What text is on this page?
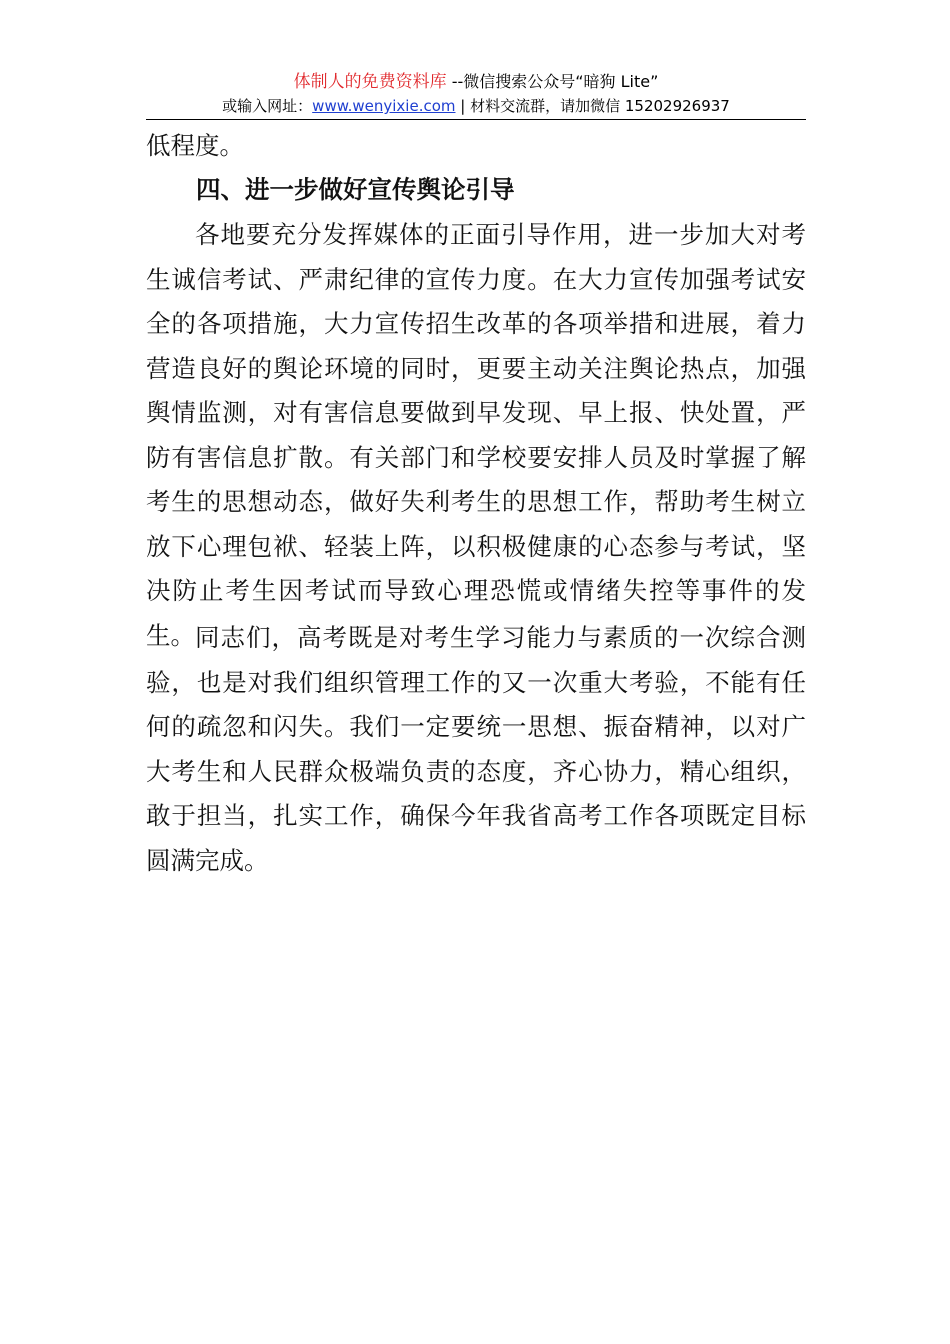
体制人的免费资料库 --微信搜索公众号“暗狗 Lite”
或输入网址：www.wenyixie.com | 材料交流群，请加微信 15202926937
低程度。
四、进一步做好宣传舆论引导

各地要充分发挥媒体的正面引导作用，进一步加大对考生诚信考试、严肃纪律的宣传力度。在大力宣传加强考试安全的各项措施，大力宣传招生改革的各项举措和进展，着力营造良好的舆论环境的同时，更要主动关注舆论热点，加强舆情监测，对有害信息要做到早发现、早上报、快处置，严防有害信息扩散。有关部门和学校要安排人员及时掌握了解考生的思想动态，做好失利考生的思想工作，帮助考生树立放下心理包袱、轻装上阵，以积极健康的心态参与考试，坚决防止考生因考试而导致心理恐慌或情绪失控等事件的发生。 同志们，高考既是对考生学习能力与素质的一次综合测验，也是对我们组织管理工作的又一次重大考验，不能有任何的疏忽和闪失。我们一定要统一思想、振奋精神，以对广大考生和人民群众极端负责的态度，齐心协力，精心组织，敢于担当，扎实工作，确保今年我省高考工作各项既定目标圆满完成。
